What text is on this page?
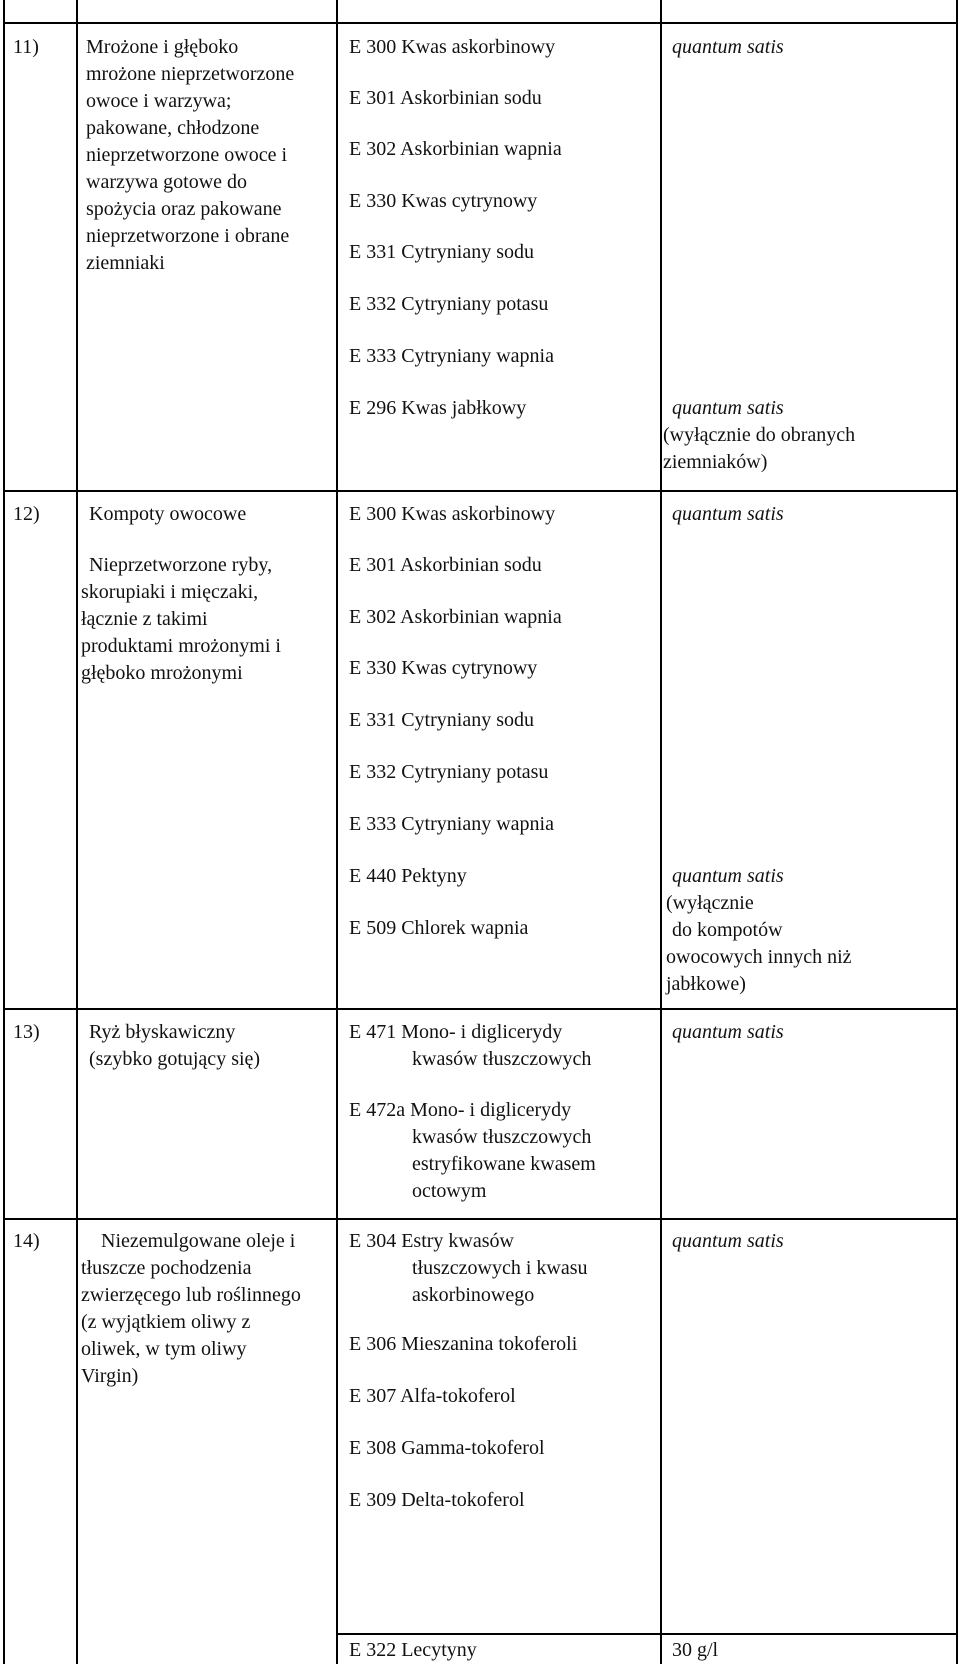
11) Mrożone i głęboko
mrożone nieprzetworzone
owoce i warzywa;
pakowane, chłodzone
nieprzetworzone owoce i
warzywa gotowe do
spożycia oraz pakowane
nieprzetworzone i obrane
ziemniaki
E 300 Kwas askorbinowy
E 301 Askorbinian sodu
E 302 Askorbinian wapnia
E 330 Kwas cytrynowy
E 331 Cytryniany sodu
E 332 Cytryniany potasu
E 333 Cytryniany wapnia
E 296 Kwas jabłkowy
quantum satis
quantum satis
(wyłącznie do obranych
ziemniaków)
12) Kompoty owocowe
Nieprzetworzone ryby,
skorupiaki i mięczaki,
łącznie z takimi
produktami mrożonymi i
głęboko mrożonymi
E 300 Kwas askorbinowy
E 301 Askorbinian sodu
E 302 Askorbinian wapnia
E 330 Kwas cytrynowy
E 331 Cytryniany sodu
E 332 Cytryniany potasu
E 333 Cytryniany wapnia
E 440 Pektyny
E 509 Chlorek wapnia
quantum satis
quantum satis
(wyłącznie
do kompotów
owocowych innych niż
jabłkowe)
13) Ryż błyskawiczny
(szybko gotujący się)
E 471 Mono- i diglicerydy
kwasów tłuszczowych
E 472a Mono- i diglicerydy
kwasów tłuszczowych
estryfikowane kwasem
octowym
quantum satis
14)	Niezemulgowane oleje i
tłuszcze pochodzenia
zwierzęcego lub roślinnego
(z wyjątkiem oliwy z
oliwek, w tym oliwy
Virgin)
E 304 Estry kwasów
tłuszczowych i kwasu
askorbinowego
E 306 Mieszanina tokoferoli
E 307 Alfa-tokoferol
E 308 Gamma-tokoferol
E 309 Delta-tokoferol
E 322 Lecytyny
quantum satis
30 g/l
